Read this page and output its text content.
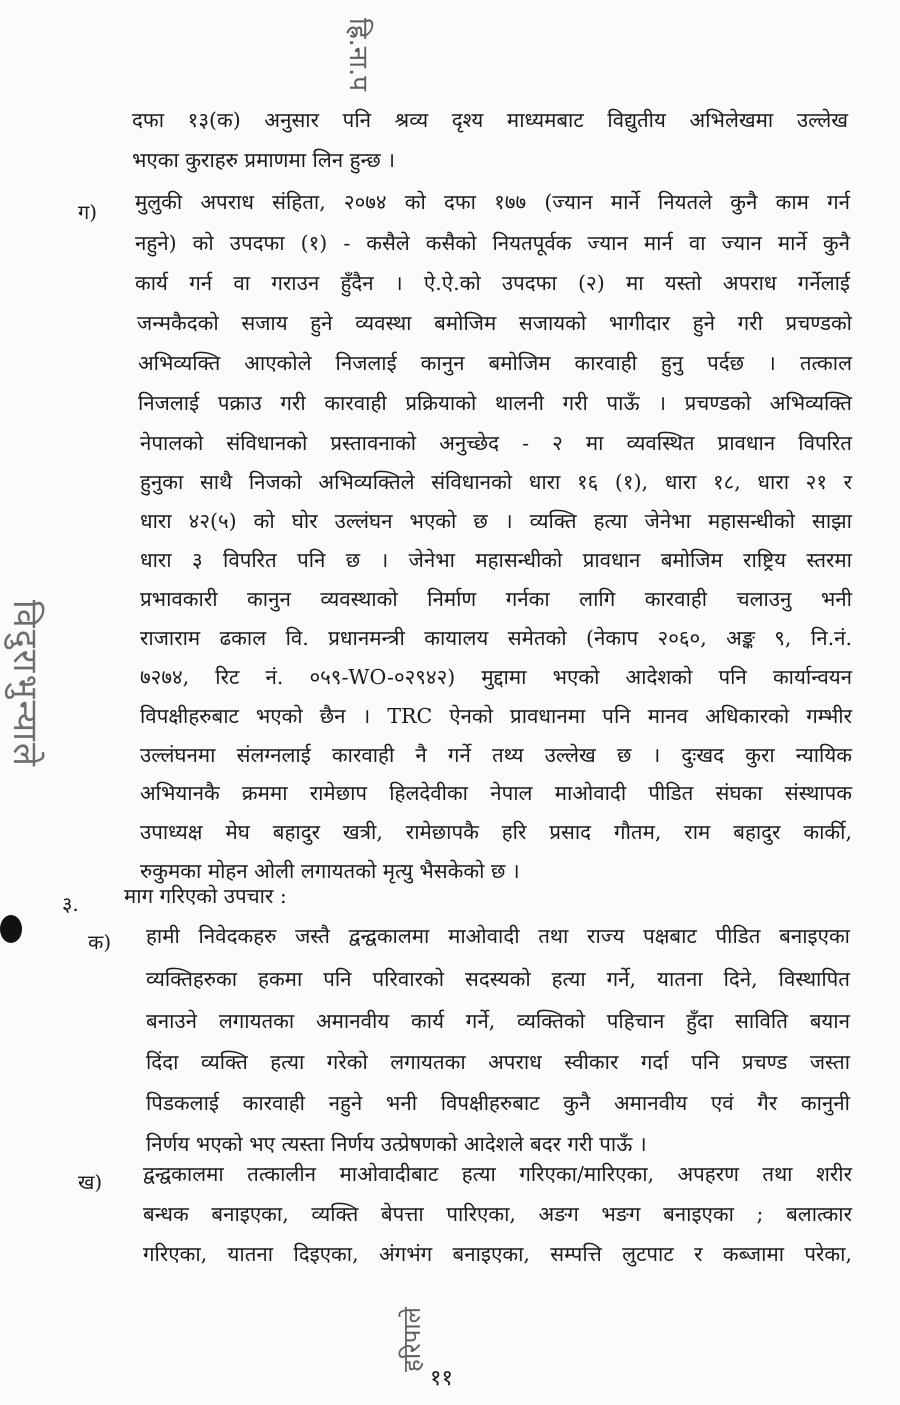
ह्रि.ना.प
विदुराभुन्याले
दफा १३(क) अनुसार पनि श्रव्य दृश्य माध्यमबाट विद्युतीय अभिलेखमा उल्लेख
भएका कुराहरु प्रमाणमा लिन हुन्छ ।
ग) मुलुकी अपराध संहिता, २०७४ को दफा १७७ (ज्यान मार्ने नियतले कुनै काम गर्न
नहुने) को उपदफा (१) - कसैले कसैको नियतपूर्वक ज्यान मार्न वा ज्यान मार्ने कुनै
कार्य गर्न वा गराउन हुँदैन । ऐ.ऐ.को उपदफा (२) मा यस्तो अपराध गर्नेलाई
जन्मकैदको सजाय हुने व्यवस्था बमोजिम सजायको भागीदार हुने गरी प्रचण्डको
अभिव्यक्ति आएकोले निजलाई कानुन बमोजिम कारवाही हुनु पर्दछ । तत्काल
निजलाई पक्राउ गरी कारवाही प्रक्रियाको थालनी गरी पाऊँ । प्रचण्डको अभिव्यक्ति
नेपालको संविधानको प्रस्तावनाको अनुच्छेद - २ मा व्यवस्थित प्रावधान विपरित
हुनुका साथै निजको अभिव्यक्तिले संविधानको धारा १६ (१), धारा १८, धारा २१ र
धारा ४२(५) को घोर उल्लंघन भएको छ । व्यक्ति हत्या जेनेभा महासन्धीको साझा
धारा ३ विपरित पनि छ । जेनेभा महासन्धीको प्रावधान बमोजिम राष्ट्रिय स्तरमा
प्रभावकारी कानुन व्यवस्थाको निर्माण गर्नका लागि कारवाही चलाउनु भनी
राजाराम ढकाल वि. प्रधानमन्त्री कायालय समेतको (नेकाप २०६०, अङ्क ९, नि.नं.
७२७४, रिट नं. ०५९-WO-०२९४२) मुद्दामा भएको आदेशको पनि कार्यान्वयन
विपक्षीहरुबाट भएको छैन । TRC ऐनको प्रावधानमा पनि मानव अधिकारको गम्भीर
उल्लंघनमा संलग्नलाई कारवाही नै गर्ने तथ्य उल्लेख छ । दुःखद कुरा न्यायिक
अभियानकै क्रममा रामेछाप हिलदेवीका नेपाल माओवादी पीडित संघका संस्थापक
उपाध्यक्ष मेघ बहादुर खत्री, रामेछापकै हरि प्रसाद गौतम, राम बहादुर कार्की,
रुकुमका मोहन ओली लगायतको मृत्यु भैसकेको छ ।
३. माग गरिएको उपचार :
क) हामी निवेदकहरु जस्तै द्वन्द्वकालमा माओवादी तथा राज्य पक्षबाट पीडित बनाइएका
व्यक्तिहरुका हकमा पनि परिवारको सदस्यको हत्या गर्ने, यातना दिने, विस्थापित
बनाउने लगायतका अमानवीय कार्य गर्ने, व्यक्तिको पहिचान हुँदा साविति बयान
दिंदा व्यक्ति हत्या गरेको लगायतका अपराध स्वीकार गर्दा पनि प्रचण्ड जस्ता
पिडकलाई कारवाही नहुने भनी विपक्षीहरुबाट कुनै अमानवीय एवं गैर कानुनी
निर्णय भएको भए त्यस्ता निर्णय उत्प्रेषणको आदेशले बदर गरी पाऊँ ।
ख) द्वन्द्वकालमा तत्कालीन माओवादीबाट हत्या गरिएका/मारिएका, अपहरण तथा शरीर
बन्धक बनाइएका, व्यक्ति बेपत्ता पारिएका, अङग भङग बनाइएका ; बलात्कार
गरिएका, यातना दिइएका, अंगभंग बनाइएका, सम्पत्ति लुटपाट र कब्जामा परेका,
हरिपाले
११
